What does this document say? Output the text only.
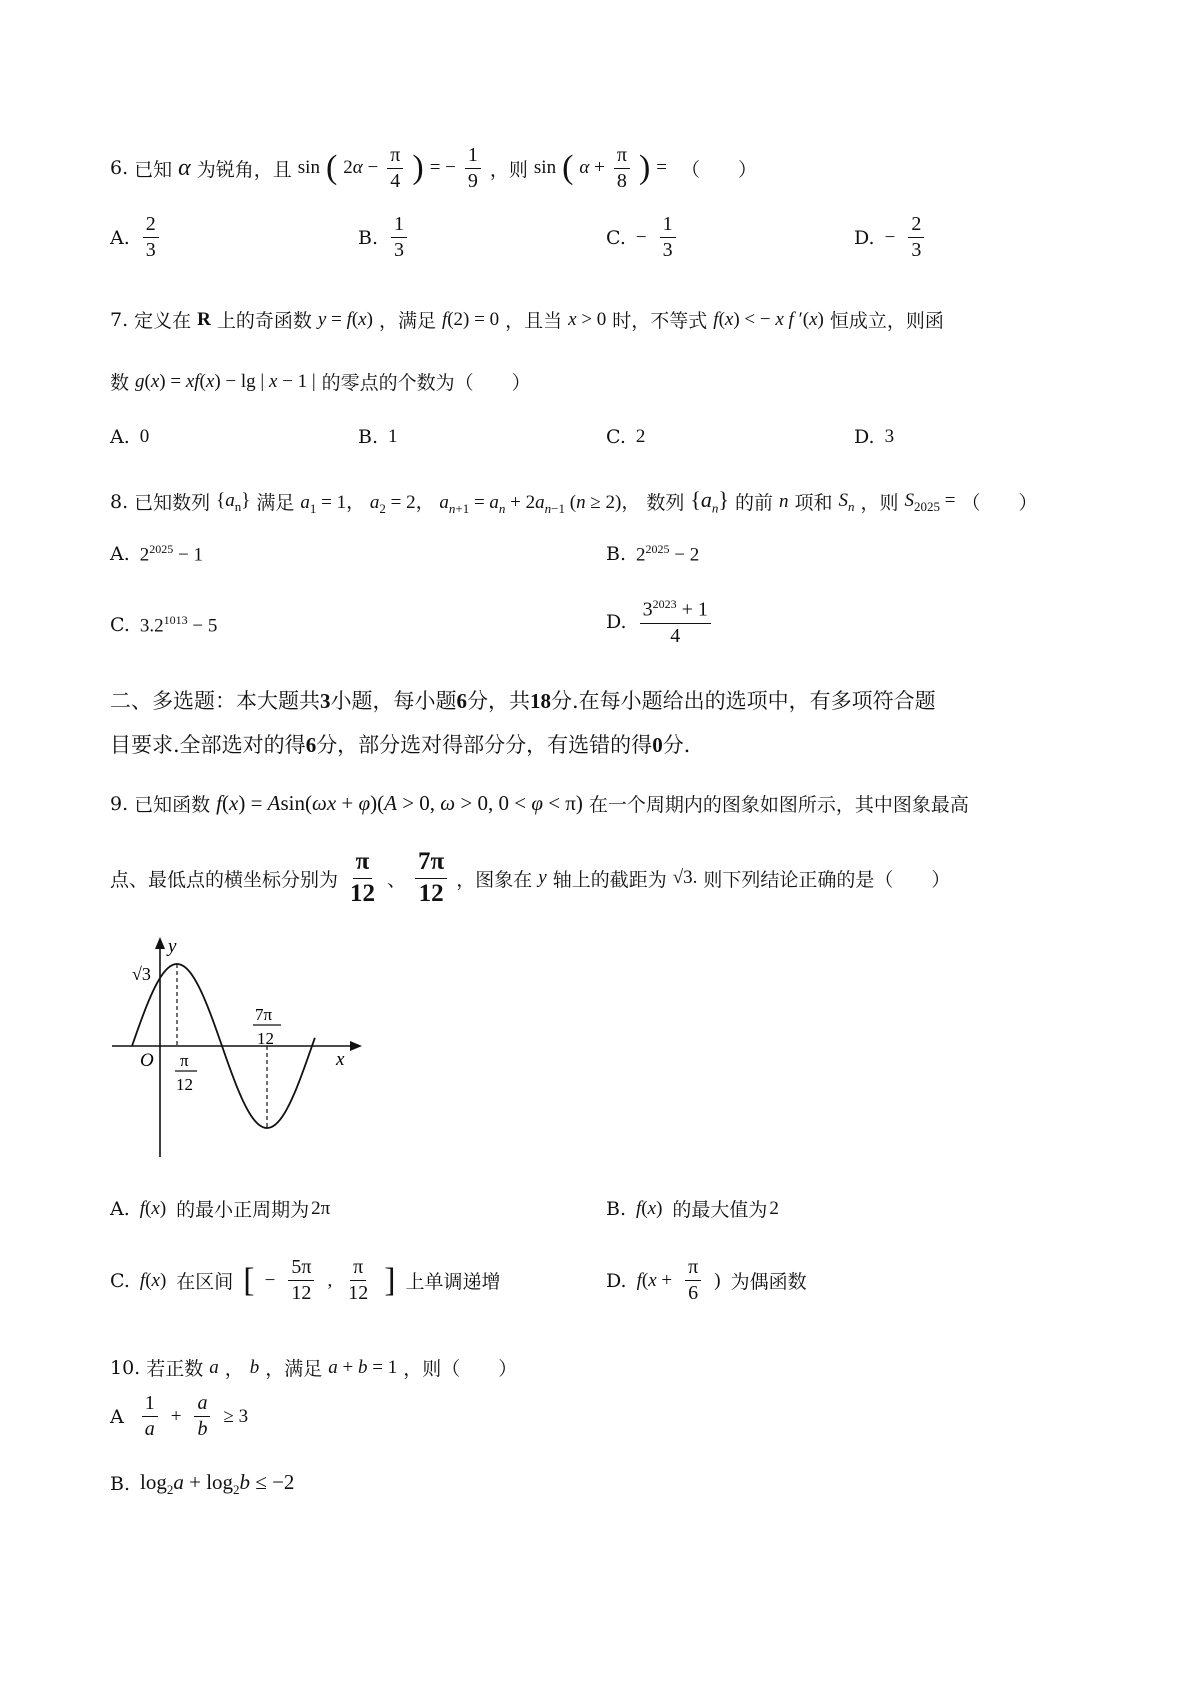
6. 已知 α 为锐角，且 sin ( $2\alpha - \frac{\pi}{4}$ ) = − $\frac{1}{9}$ ，则 sin ( $\alpha + \frac{\pi}{8}$ ) = （　　）
A. $\frac{2}{3}$	B. $\frac{1}{3}$	C. − $\frac{1}{3}$	D. − $\frac{2}{3}$
7. 定义在 R 上的奇函数 y = f(x) ，满足 f(2) = 0 ，且当 x > 0 时，不等式 f(x) < − x f ′(x) 恒成立，则函
数 g(x) = xf(x) − lg | x − 1 | 的零点的个数为（　　）
A. 0	B. 1	C. 2	D. 3
8. 已知数列 $\{a_n\}$ 满足 $a_1 = 1$， $a_2 = 2$， $a_{n+1} = a_n + 2a_{n-1}$ (n ≥ 2)， 数列 $\{a_n\}$ 的前 n 项和 $S_n$ ，则 $S_{2025}$ = （　　）
A. $2^{2025} - 1$	B. $2^{2025} - 2$
C. $3.2^{1013} - 5$	D. $\frac{3^{2023} + 1}{4}$
二、多选题：本大题共3小题，每小题6分，共18分.在每小题给出的选项中，有多项符合题
目要求.全部选对的得6分，部分选对得部分分，有选错的得0分.
9. 已知函数 f(x) = Asin(ωx + φ)(A > 0, ω > 0, 0 < φ < π) 在一个周期内的图象如图所示，其中图象最高
点、最低点的横坐标分别为 $\frac{\pi}{12}$ 、 $\frac{7\pi}{12}$ ，图象在 y 轴上的截距为 √3. 则下列结论正确的是（　　）
y
x
O
√3
π
12
7π
12
A. f(x) 的最小正周期为 2π	B. f(x) 的最大值为 2
C. f(x) 在区间 [ − $\frac{5\pi}{12}$ , $\frac{\pi}{12}$ ] 上单调递增	D. $f(x + \frac{\pi}{6}$ ) 为偶函数
10. 若正数 a ， b ，满足 a + b = 1 ，则（　　）
A $\frac{1}{a} + \frac{a}{b} \ge 3$
B. $\log_2a + \log_2b \le -2$
